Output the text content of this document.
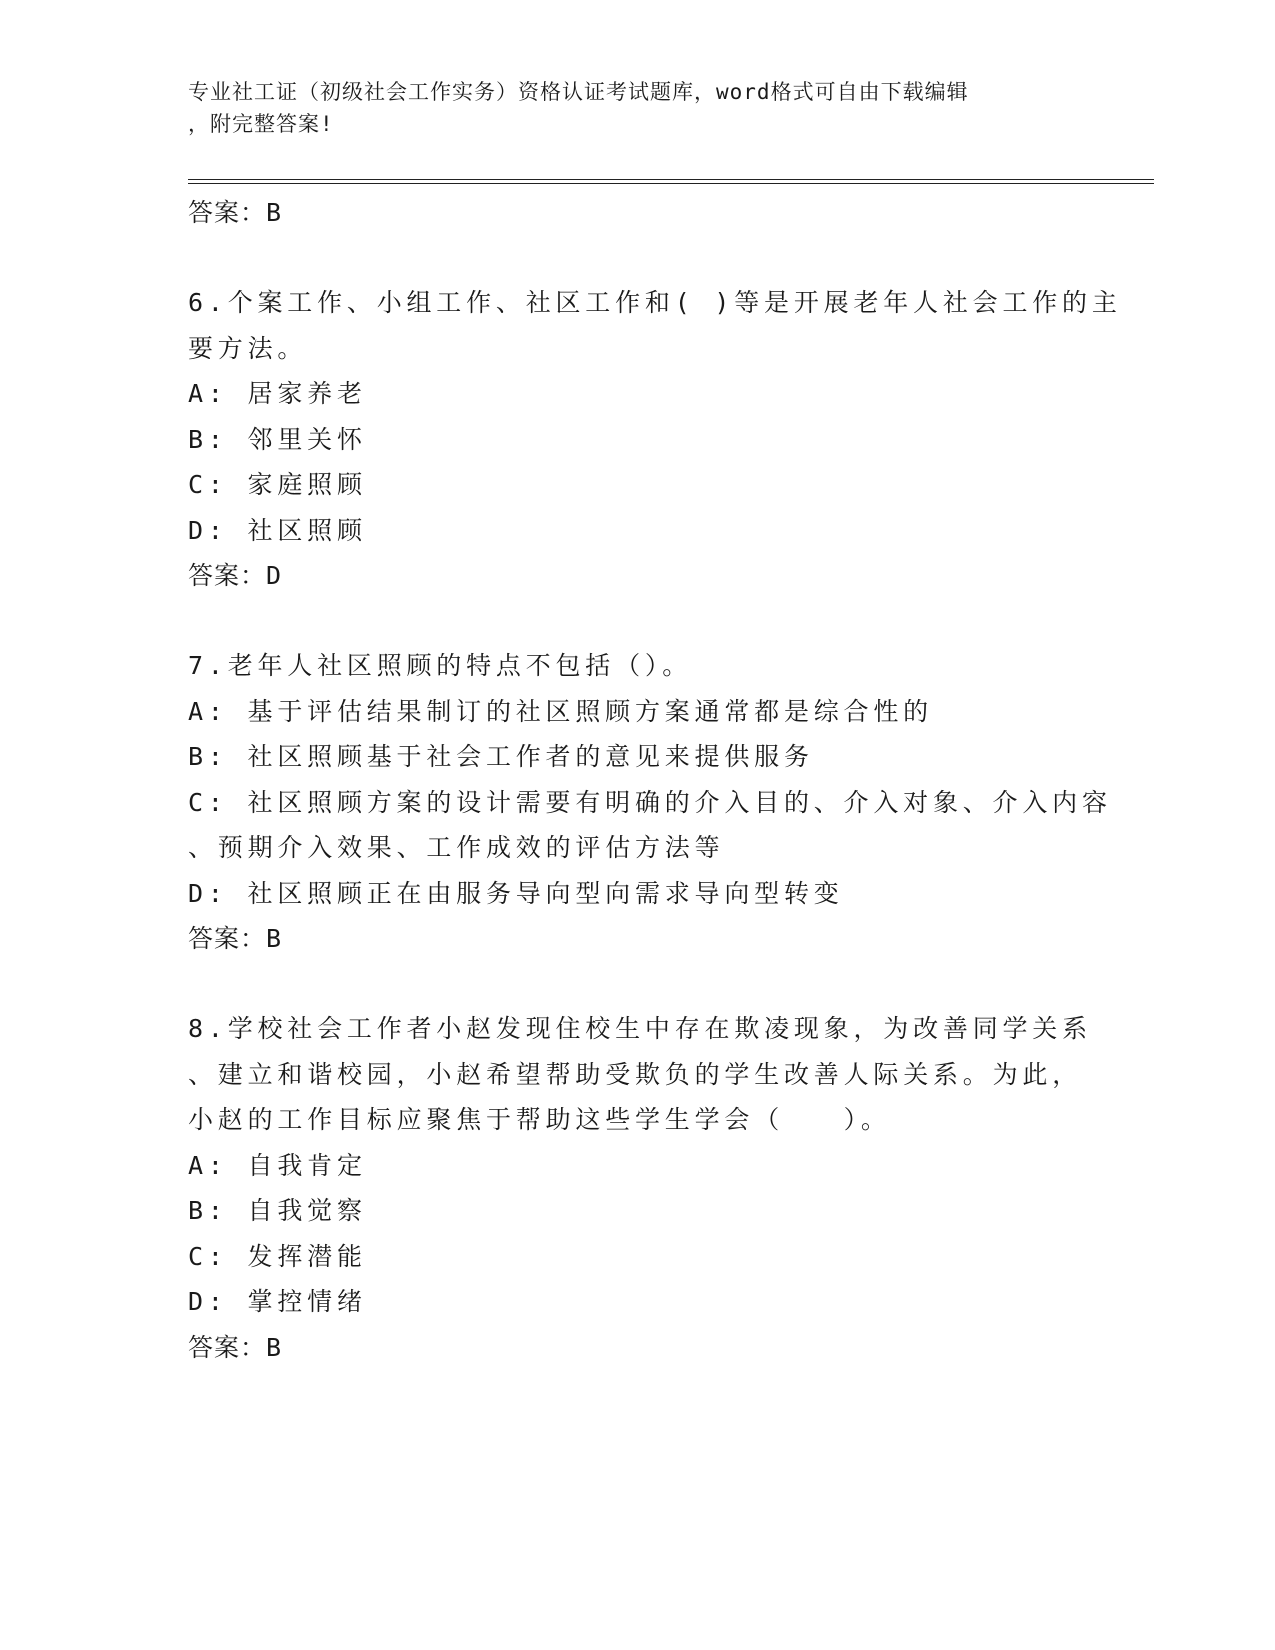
专业社工证（初级社会工作实务）资格认证考试题库，word格式可自由下载编辑
，附完整答案!
答案：B
6.个案工作、小组工作、社区工作和( )等是开展老年人社会工作的主
要方法。
A: 居家养老
B: 邻里关怀
C: 家庭照顾
D: 社区照顾
答案：D
7.老年人社区照顾的特点不包括（）。
A: 基于评估结果制订的社区照顾方案通常都是综合性的
B: 社区照顾基于社会工作者的意见来提供服务
C: 社区照顾方案的设计需要有明确的介入目的、介入对象、介入内容
、预期介入效果、工作成效的评估方法等
D: 社区照顾正在由服务导向型向需求导向型转变
答案：B
8.学校社会工作者小赵发现住校生中存在欺凌现象，为改善同学关系
、建立和谐校园，小赵希望帮助受欺负的学生改善人际关系。为此，
小赵的工作目标应聚焦于帮助这些学生学会（　　）。
A: 自我肯定
B: 自我觉察
C: 发挥潜能
D: 掌控情绪
答案：B
